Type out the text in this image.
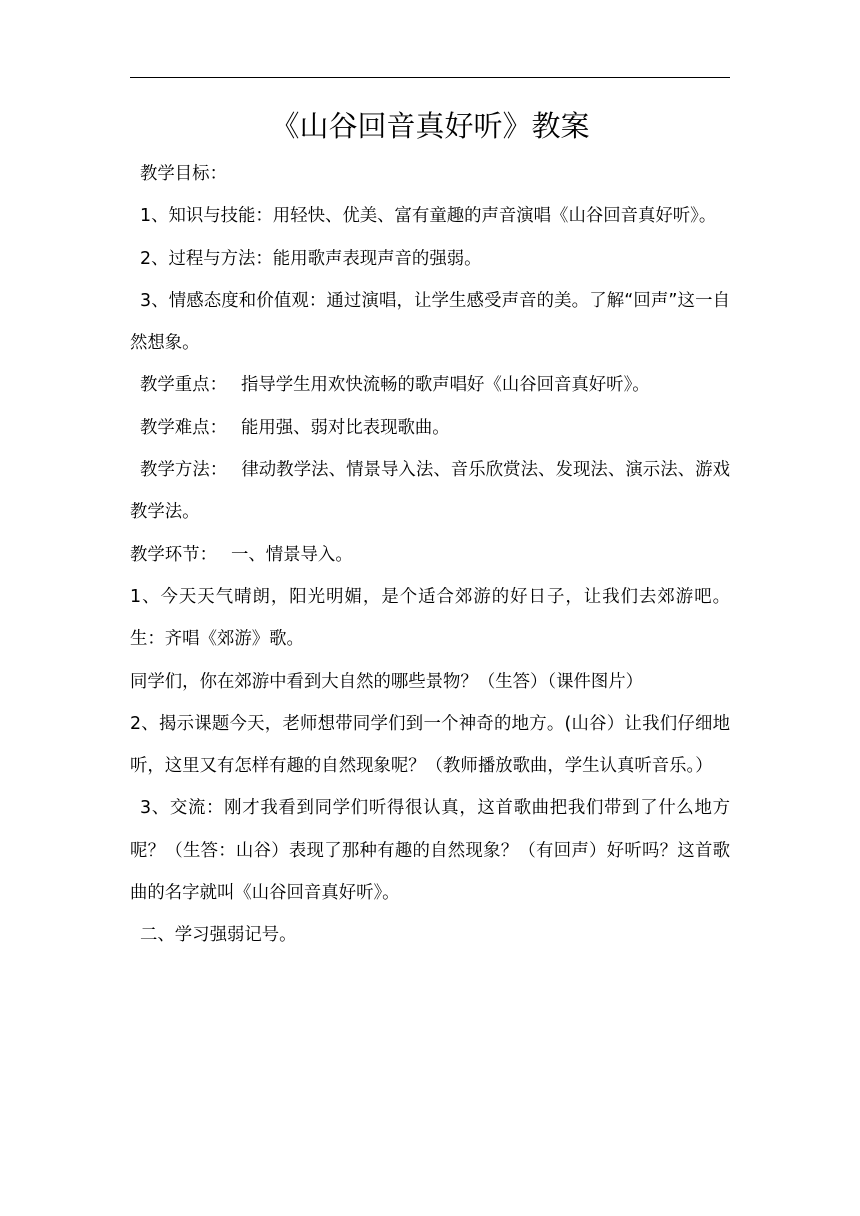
《山谷回音真好听》教案

教学目标：

1、知识与技能：用轻快、优美、富有童趣的声音演唱《山谷回音真好听》。

2、过程与方法：能用歌声表现声音的强弱。

3、情感态度和价值观：通过演唱，让学生感受声音的美。了解“回声”这一自然想象。

教学重点： 指导学生用欢快流畅的歌声唱好《山谷回音真好听》。

教学难点： 能用强、弱对比表现歌曲。

教学方法： 律动教学法、情景导入法、音乐欣赏法、发现法、演示法、游戏教学法。

教学环节： 一、情景导入。

1、今天天气晴朗，阳光明媚，是个适合郊游的好日子，让我们去郊游吧。生：齐唱《郊游》歌。

同学们，你在郊游中看到大自然的哪些景物？（生答）（课件图片）

2、揭示课题今天，老师想带同学们到一个神奇的地方。(山谷）让我们仔细地听，这里又有怎样有趣的自然现象呢？（教师播放歌曲，学生认真听音乐。）

3、交流：刚才我看到同学们听得很认真，这首歌曲把我们带到了什么地方呢？（生答：山谷）表现了那种有趣的自然现象？（有回声）好听吗？这首歌曲的名字就叫《山谷回音真好听》。

二、学习强弱记号。
